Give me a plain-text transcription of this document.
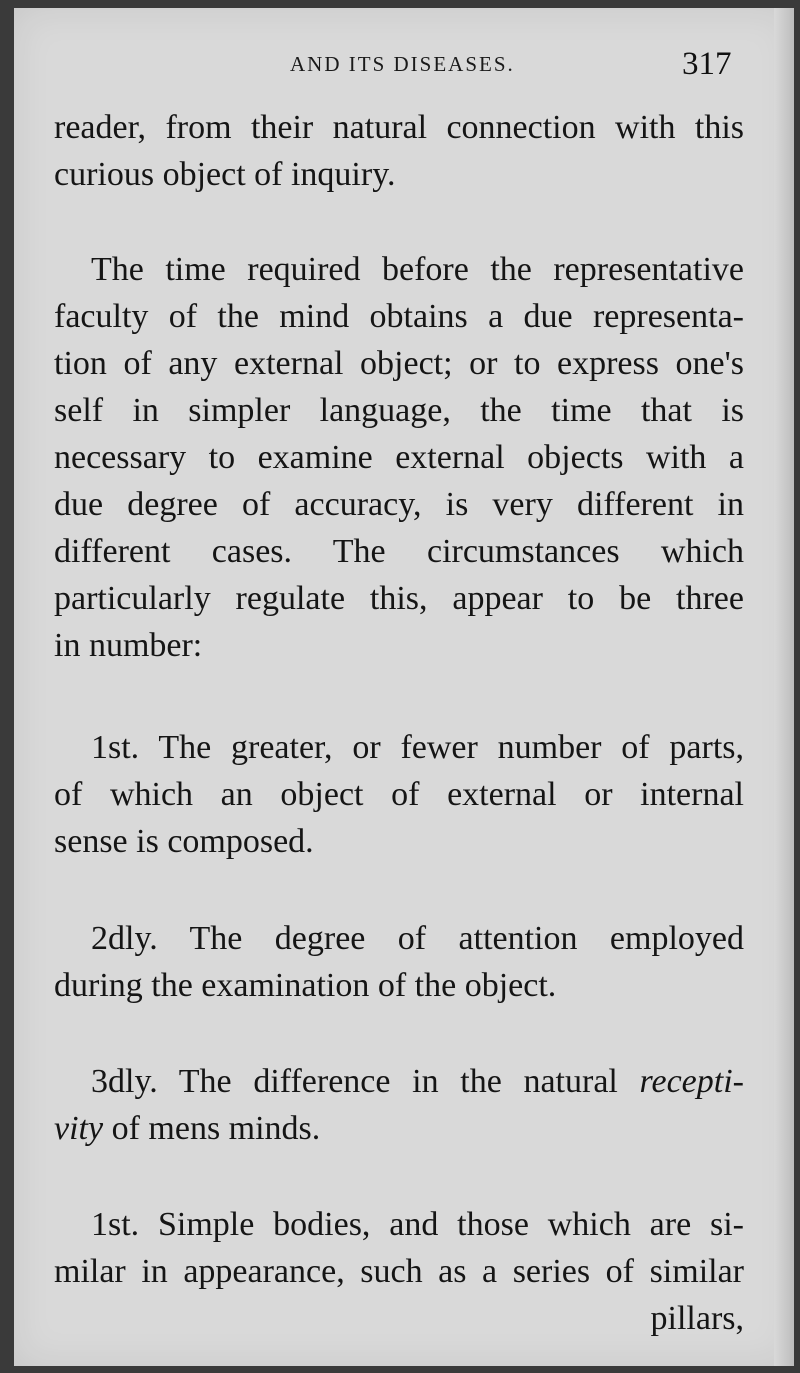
AND ITS DISEASES.	317
reader, from their natural connection with this
curious object of inquiry.
The time required before the representative
faculty of the mind obtains a due representa-
tion of any external object; or to express one's
self in simpler language, the time that is
necessary to examine external objects with a
due degree of accuracy, is very different in
different cases. The circumstances which
particularly regulate this, appear to be three
in number:
1st. The greater, or fewer number of parts,
of which an object of external or internal
sense is composed.
2dly. The degree of attention employed
during the examination of the object.
3dly. The difference in the natural recepti-
vity of mens minds.
1st. Simple bodies, and those which are si-
milar in appearance, such as a series of similar
pillars,
